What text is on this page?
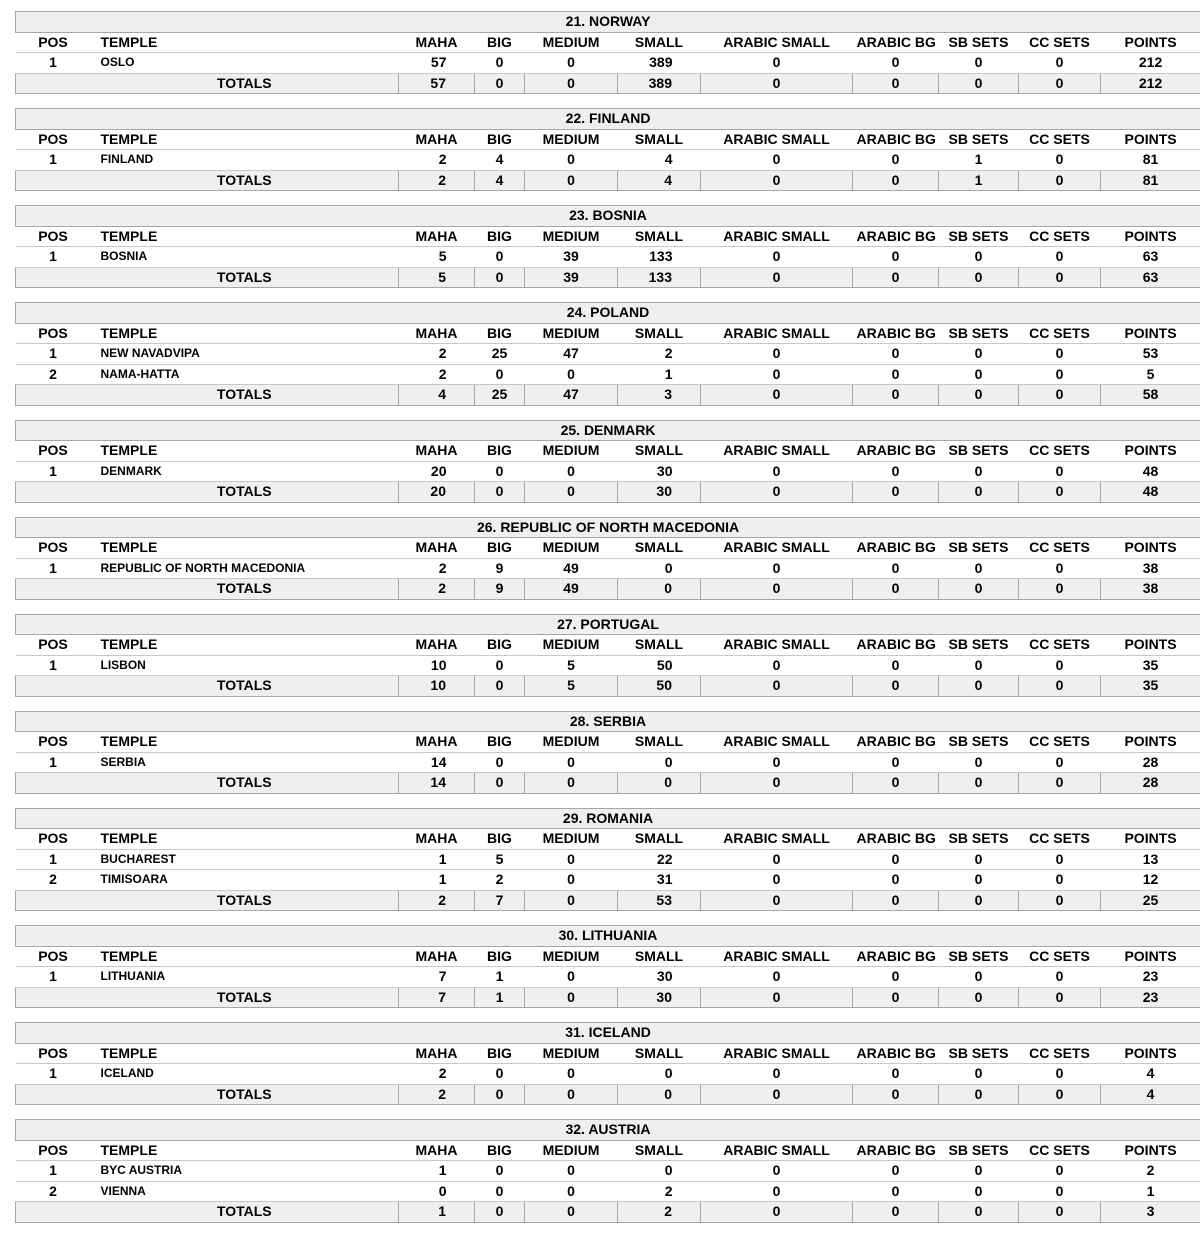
21. NORWAY										
POS	TEMPLE	MAHA	BIG	MEDIUM	SMALL	ARABIC SMALL	ARABIC BG	SB SETS	CC SETS	POINTS
1	OSLO	57	0	0	389	0	0	0	0	212
	TOTALS	57	0	0	389	0	0	0	0	212
22. FINLAND										
POS	TEMPLE	MAHA	BIG	MEDIUM	SMALL	ARABIC SMALL	ARABIC BG	SB SETS	CC SETS	POINTS
1	FINLAND	2	4	0	4	0	0	1	0	81
	TOTALS	2	4	0	4	0	0	1	0	81
23. BOSNIA										
POS	TEMPLE	MAHA	BIG	MEDIUM	SMALL	ARABIC SMALL	ARABIC BG	SB SETS	CC SETS	POINTS
1	BOSNIA	5	0	39	133	0	0	0	0	63
	TOTALS	5	0	39	133	0	0	0	0	63
24. POLAND										
POS	TEMPLE	MAHA	BIG	MEDIUM	SMALL	ARABIC SMALL	ARABIC BG	SB SETS	CC SETS	POINTS
1	NEW NAVADVIPA	2	25	47	2	0	0	0	0	53
2	NAMA-HATTA	2	0	0	1	0	0	0	0	5
	TOTALS	4	25	47	3	0	0	0	0	58
25. DENMARK										
POS	TEMPLE	MAHA	BIG	MEDIUM	SMALL	ARABIC SMALL	ARABIC BG	SB SETS	CC SETS	POINTS
1	DENMARK	20	0	0	30	0	0	0	0	48
	TOTALS	20	0	0	30	0	0	0	0	48
26. REPUBLIC OF NORTH MACEDONIA										
POS	TEMPLE	MAHA	BIG	MEDIUM	SMALL	ARABIC SMALL	ARABIC BG	SB SETS	CC SETS	POINTS
1	REPUBLIC OF NORTH MACEDONIA	2	9	49	0	0	0	0	0	38
	TOTALS	2	9	49	0	0	0	0	0	38
27. PORTUGAL										
POS	TEMPLE	MAHA	BIG	MEDIUM	SMALL	ARABIC SMALL	ARABIC BG	SB SETS	CC SETS	POINTS
1	LISBON	10	0	5	50	0	0	0	0	35
	TOTALS	10	0	5	50	0	0	0	0	35
28. SERBIA										
POS	TEMPLE	MAHA	BIG	MEDIUM	SMALL	ARABIC SMALL	ARABIC BG	SB SETS	CC SETS	POINTS
1	SERBIA	14	0	0	0	0	0	0	0	28
	TOTALS	14	0	0	0	0	0	0	0	28
29. ROMANIA										
POS	TEMPLE	MAHA	BIG	MEDIUM	SMALL	ARABIC SMALL	ARABIC BG	SB SETS	CC SETS	POINTS
1	BUCHAREST	1	5	0	22	0	0	0	0	13
2	TIMISOARA	1	2	0	31	0	0	0	0	12
	TOTALS	2	7	0	53	0	0	0	0	25
30. LITHUANIA										
POS	TEMPLE	MAHA	BIG	MEDIUM	SMALL	ARABIC SMALL	ARABIC BG	SB SETS	CC SETS	POINTS
1	LITHUANIA	7	1	0	30	0	0	0	0	23
	TOTALS	7	1	0	30	0	0	0	0	23
31. ICELAND										
POS	TEMPLE	MAHA	BIG	MEDIUM	SMALL	ARABIC SMALL	ARABIC BG	SB SETS	CC SETS	POINTS
1	ICELAND	2	0	0	0	0	0	0	0	4
	TOTALS	2	0	0	0	0	0	0	0	4
32. AUSTRIA										
POS	TEMPLE	MAHA	BIG	MEDIUM	SMALL	ARABIC SMALL	ARABIC BG	SB SETS	CC SETS	POINTS
1	BYC AUSTRIA	1	0	0	0	0	0	0	0	2
2	VIENNA	0	0	0	2	0	0	0	0	1
	TOTALS	1	0	0	2	0	0	0	0	3
